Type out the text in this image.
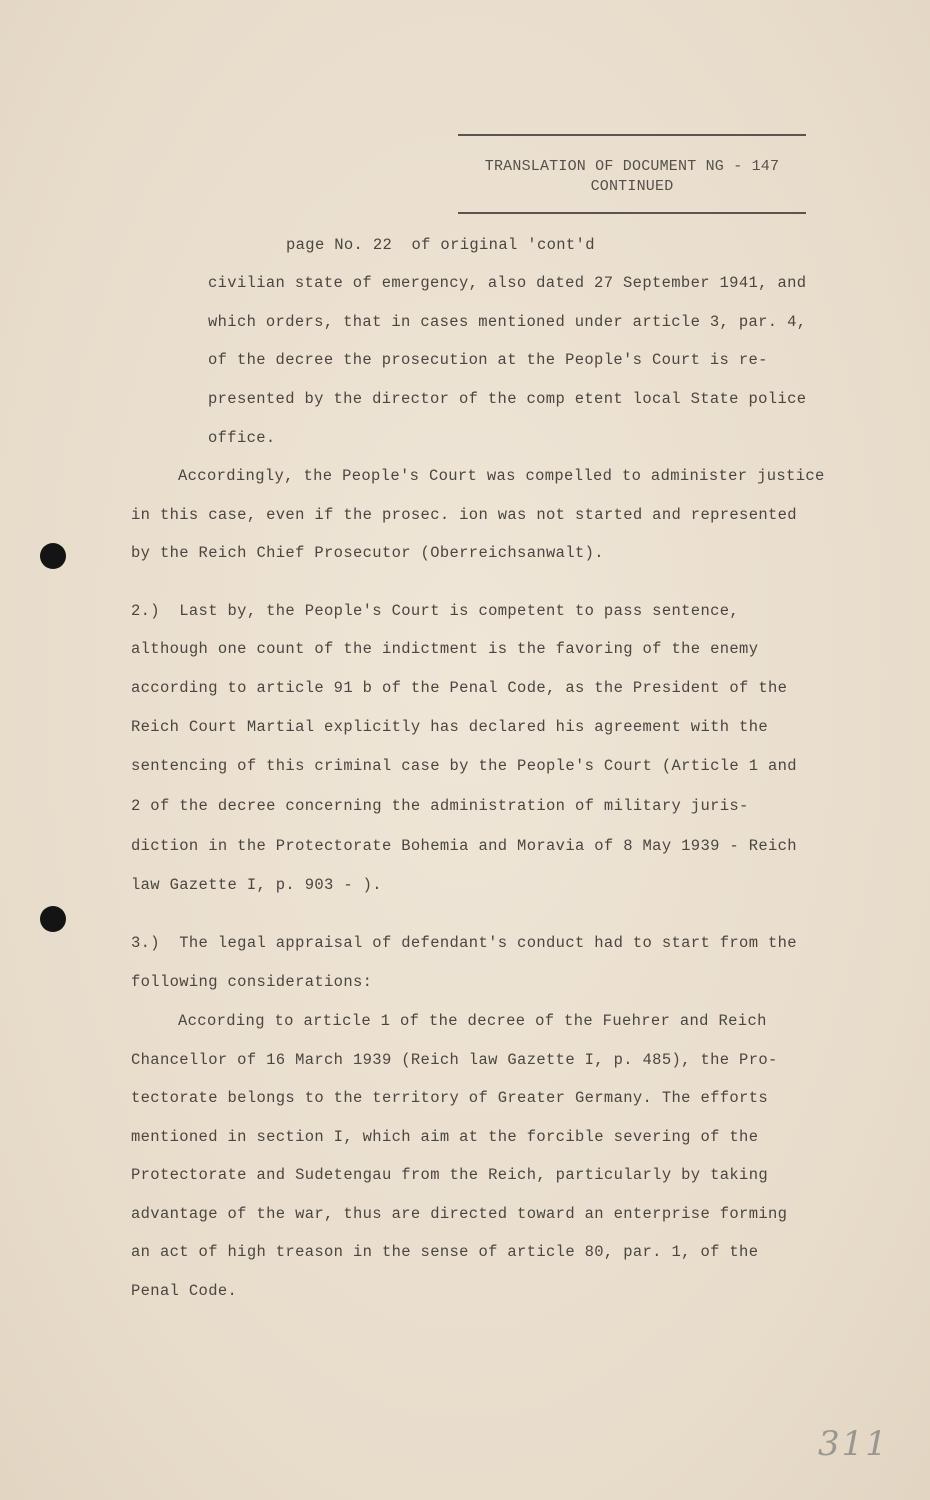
TRANSLATION OF DOCUMENT NG - 147
CONTINUED
page No. 22  of original 'cont'd
civilian state of emergency, also dated 27 September 1941, and
which orders, that in cases mentioned under article 3, par. 4,
of the decree the prosecution at the People's Court is re-
presented by the director of the comp etent local State police
office.
Accordingly, the People's Court was compelled to administer justice
in this case, even if the prosec. ion was not started and represented
by the Reich Chief Prosecutor (Oberreichsanwalt).
2.)  Last by, the People's Court is competent to pass sentence,
although one count of the indictment is the favoring of the enemy
according to article 91 b of the Penal Code, as the President of the
Reich Court Martial explicitly has declared his agreement with the
sentencing of this criminal case by the People's Court (Article 1 and
2 of the decree concerning the administration of military juris-
diction in the Protectorate Bohemia and Moravia of 8 May 1939 - Reich
law Gazette I, p. 903 - ).
3.)  The legal appraisal of defendant's conduct had to start from the
following considerations:
According to article 1 of the decree of the Fuehrer and Reich
Chancellor of 16 March 1939 (Reich law Gazette I, p. 485), the Pro-
tectorate belongs to the territory of Greater Germany. The efforts
mentioned in section I, which aim at the forcible severing of the
Protectorate and Sudetengau from the Reich, particularly by taking
advantage of the war, thus are directed toward an enterprise forming
an act of high treason in the sense of article 80, par. 1, of the
Penal Code.
311
